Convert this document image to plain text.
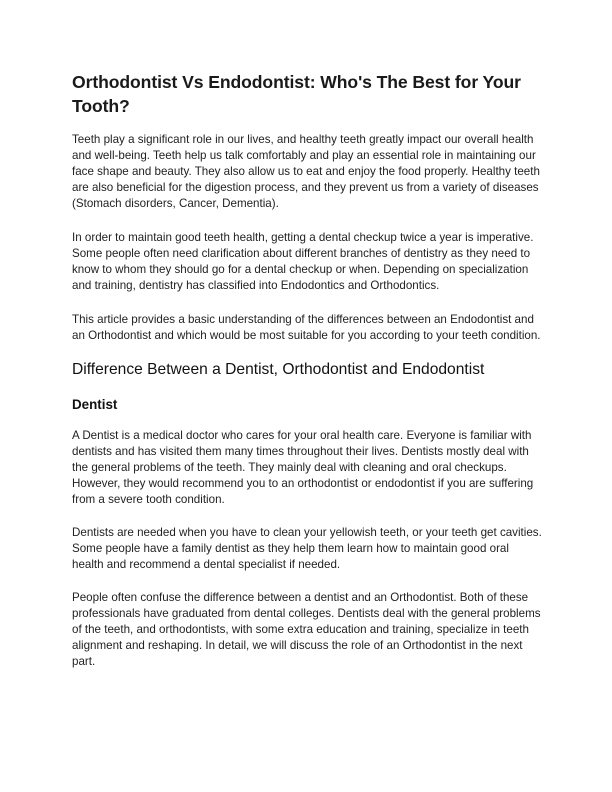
Orthodontist Vs Endodontist: Who's The Best for Your Tooth?

Teeth play a significant role in our lives, and healthy teeth greatly impact our overall health and well-being. Teeth help us talk comfortably and play an essential role in maintaining our face shape and beauty. They also allow us to eat and enjoy the food properly. Healthy teeth are also beneficial for the digestion process, and they prevent us from a variety of diseases (Stomach disorders, Cancer, Dementia).

In order to maintain good teeth health, getting a dental checkup twice a year is imperative. Some people often need clarification about different branches of dentistry as they need to know to whom they should go for a dental checkup or when. Depending on specialization and training, dentistry has classified into Endodontics and Orthodontics.

This article provides a basic understanding of the differences between an Endodontist and an Orthodontist and which would be most suitable for you according to your teeth condition.

Difference Between a Dentist, Orthodontist and Endodontist
Dentist

A Dentist is a medical doctor who cares for your oral health care. Everyone is familiar with dentists and has visited them many times throughout their lives. Dentists mostly deal with the general problems of the teeth. They mainly deal with cleaning and oral checkups. However, they would recommend you to an orthodontist or endodontist if you are suffering from a severe tooth condition.

Dentists are needed when you have to clean your yellowish teeth, or your teeth get cavities. Some people have a family dentist as they help them learn how to maintain good oral health and recommend a dental specialist if needed.

People often confuse the difference between a dentist and an Orthodontist. Both of these professionals have graduated from dental colleges. Dentists deal with the general problems of the teeth, and orthodontists, with some extra education and training, specialize in teeth alignment and reshaping. In detail, we will discuss the role of an Orthodontist in the next part.
